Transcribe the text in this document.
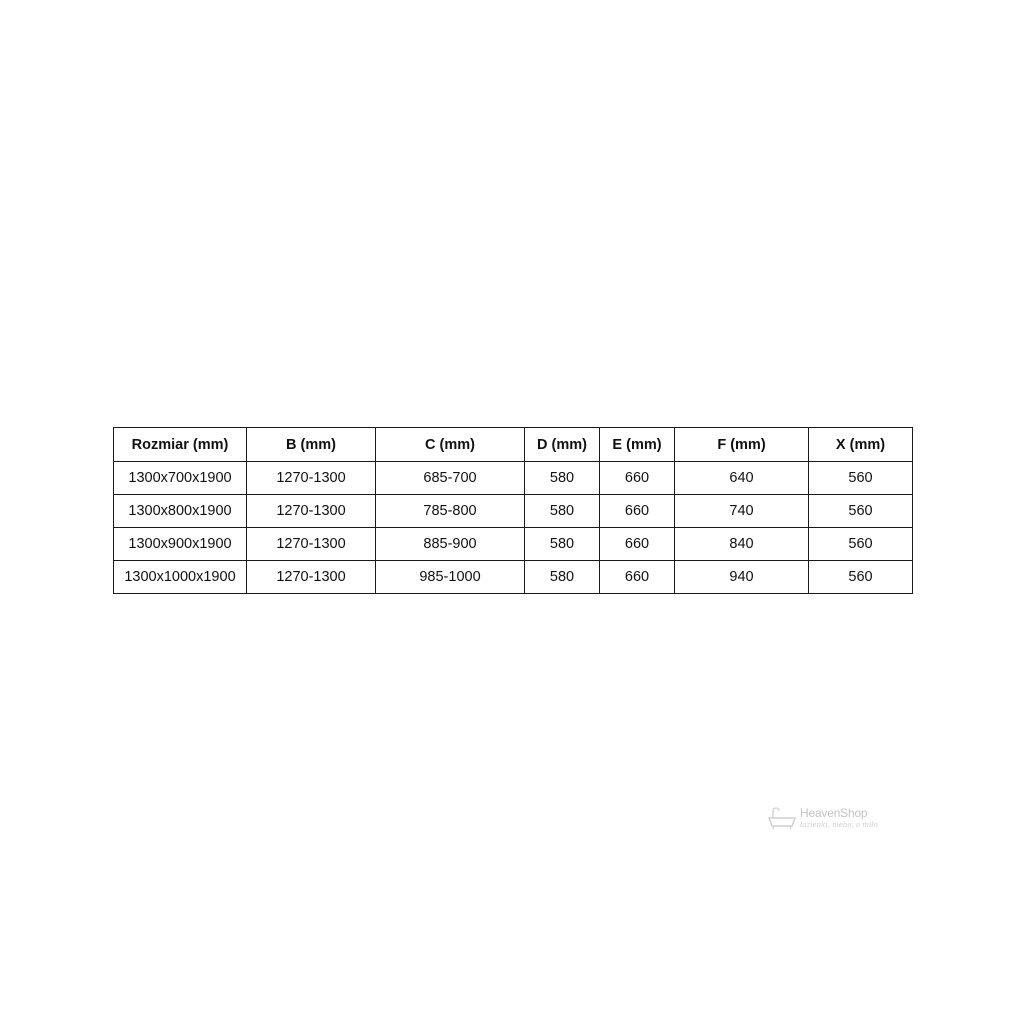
Rozmiar (mm)	B (mm)	C (mm)	D (mm)	E (mm)	F (mm)	X (mm)
1300x700x1900	1270-1300	685-700	580	660	640	560
1300x800x1900	1270-1300	785-800	580	660	740	560
1300x900x1900	1270-1300	885-900	580	660	840	560
1300x1000x1900	1270-1300	985-1000	580	660	940	560
HeavenShop
łazienki, niebo, o miło
